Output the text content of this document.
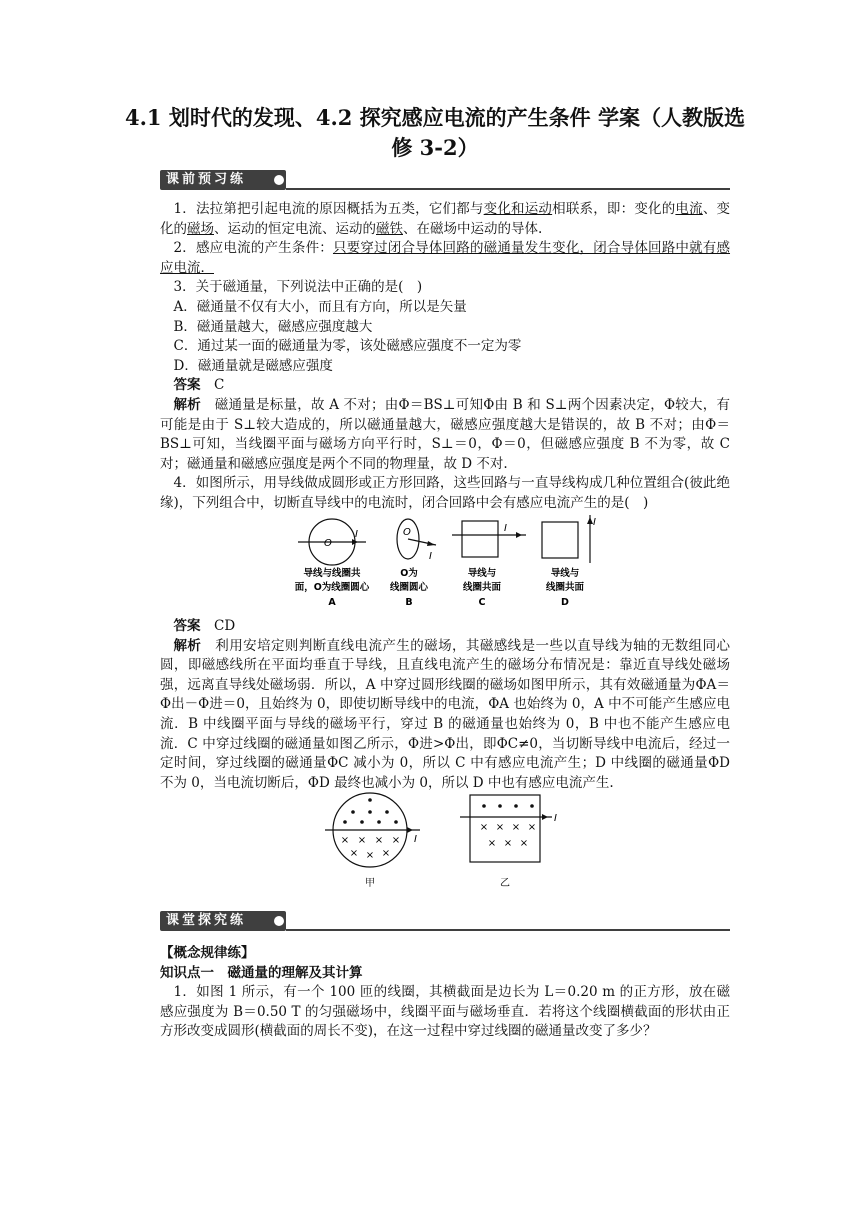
4.1 划时代的发现、4.2 探究感应电流的产生条件 学案（人教版选修 3-2）
课前预习练

1．法拉第把引起电流的原因概括为五类，它们都与变化和运动相联系，即：变化的电流、变化的磁场、运动的恒定电流、运动的磁铁、在磁场中运动的导体.

2．感应电流的产生条件：只要穿过闭合导体回路的磁通量发生变化，闭合导体回路中就有感应电流．

3．关于磁通量，下列说法中正确的是(　)

A．磁通量不仅有大小，而且有方向，所以是矢量

B．磁通量越大，磁感应强度越大

C．通过某一面的磁通量为零，该处磁感应强度不一定为零

D．磁通量就是磁感应强度

答案　 C

解析　 磁通量是标量，故 A 不对；由Φ＝BS⊥可知Φ由 B 和 S⊥两个因素决定，Φ较大，有可能是由于 S⊥较大造成的，所以磁通量越大，磁感应强度越大是错误的，故 B 不对；由Φ＝BS⊥可知，当线圈平面与磁场方向平行时，S⊥＝0，Φ＝0，但磁感应强度 B 不为零，故 C 对；磁通量和磁感应强度是两个不同的物理量，故 D 不对.

4．如图所示，用导线做成圆形或正方形回路，这些回路与一直导线构成几种位置组合(彼此绝缘)，下列组合中，切断直导线中的电流时，闭合回路中会有感应电流产生的是(　)

O
I	O
I
I
I
导线与线圈共
面，O为线圈圆心
A
O为
线圈圆心
B
导线与
线圈共面
C
导线与
线圈共面
D

答案　 CD

解析　 利用安培定则判断直线电流产生的磁场，其磁感线是一些以直导线为轴的无数组同心圆，即磁感线所在平面均垂直于导线，且直线电流产生的磁场分布情况是：靠近直导线处磁场强，远离直导线处磁场弱．所以，A 中穿过圆形线圈的磁场如图甲所示，其有效磁通量为ΦA＝Φ出－Φ进＝0，且始终为 0，即使切断导线中的电流，ΦA 也始终为 0，A 中不可能产生感应电流．B 中线圈平面与导线的磁场平行，穿过 B 的磁通量也始终为 0，B 中也不能产生感应电流．C 中穿过线圈的磁通量如图乙所示，Φ进>Φ出，即ΦC≠0，当切断导线中电流后，经过一定时间，穿过线圈的磁通量ΦC 减小为 0，所以 C 中有感应电流产生；D 中线圈的磁通量ΦD 不为 0，当电流切断后，ΦD 最终也减小为 0，所以 D 中也有感应电流产生.

I
× × × ×
× × ×
甲
I
× × × ×
× × ×
乙
课堂探究练

【概念规律练】

知识点一　磁通量的理解及其计算

1．如图 1 所示，有一个 100 匝的线圈，其横截面是边长为 L＝0.20 m 的正方形，放在磁感应强度为 B＝0.50 T 的匀强磁场中，线圈平面与磁场垂直．若将这个线圈横截面的形状由正方形改变成圆形(横截面的周长不变)，在这一过程中穿过线圈的磁通量改变了多少？
